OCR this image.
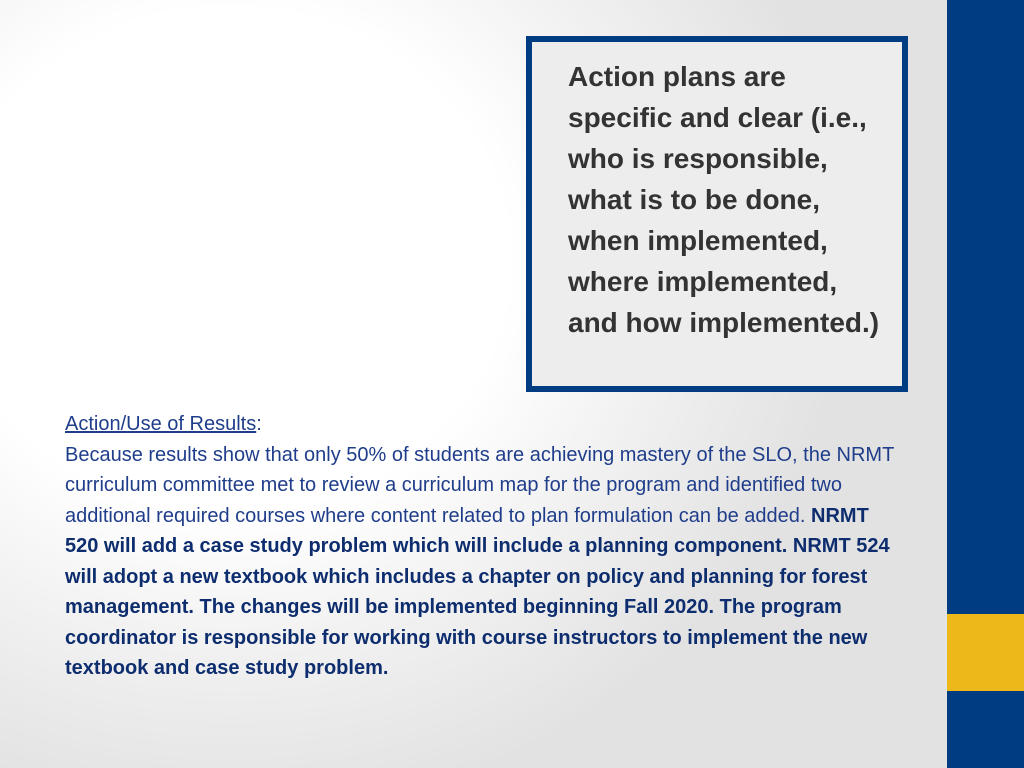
Action plans are specific and clear (i.e., who is responsible, what is to be done, when implemented, where implemented, and how implemented.)

Action/Use of Results:
Because results show that only 50% of students are achieving mastery of the SLO, the NRMT curriculum committee met to review a curriculum map for the program and identified two additional required courses where content related to plan formulation can be added. NRMT 520 will add a case study problem which will include a planning component. NRMT 524 will adopt a new textbook which includes a chapter on policy and planning for forest management. The changes will be implemented beginning Fall 2020. The program coordinator is responsible for working with course instructors to implement the new textbook and case study problem.
